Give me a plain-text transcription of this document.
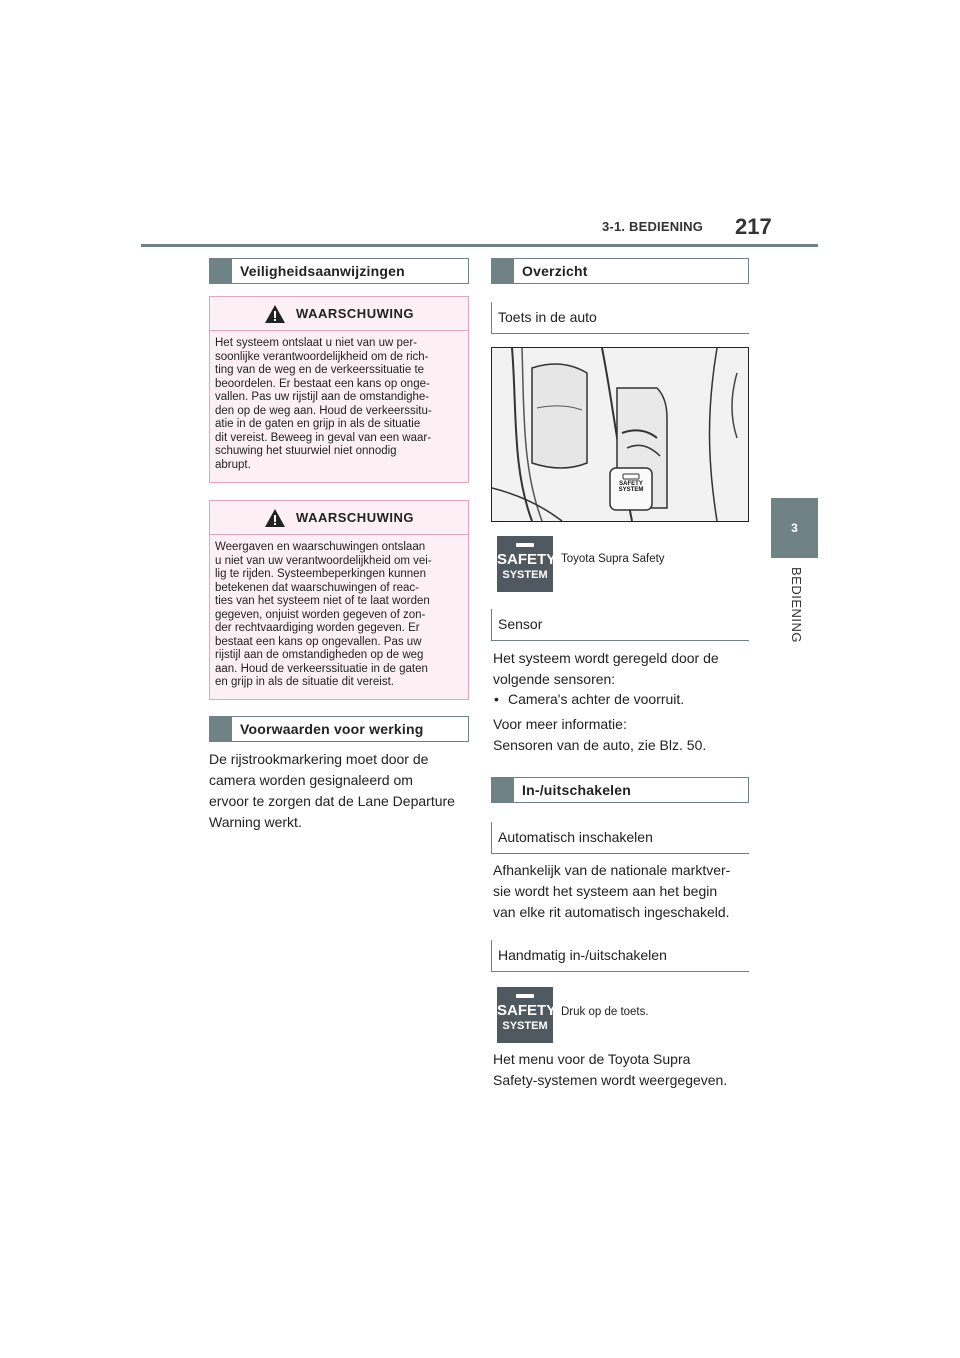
3-1. BEDIENING 217
3
BEDIENING
Veiligheidsaanwijzingen
WAARSCHUWING
Het systeem ontslaat u niet van uw per-
soonlijke verantwoordelijkheid om de rich-
ting van de weg en de verkeerssituatie te
beoordelen. Er bestaat een kans op onge-
vallen. Pas uw rijstijl aan de omstandighe-
den op de weg aan. Houd de verkeerssitu-
atie in de gaten en grijp in als de situatie
dit vereist. Beweeg in geval van een waar-
schuwing het stuurwiel niet onnodig
abrupt.
WAARSCHUWING
Weergaven en waarschuwingen ontslaan
u niet van uw verantwoordelijkheid om vei-
lig te rijden. Systeembeperkingen kunnen
betekenen dat waarschuwingen of reac-
ties van het systeem niet of te laat worden
gegeven, onjuist worden gegeven of zon-
der rechtvaardiging worden gegeven. Er
bestaat een kans op ongevallen. Pas uw
rijstijl aan de omstandigheden op de weg
aan. Houd de verkeerssituatie in de gaten
en grijp in als de situatie dit vereist.
Voorwaarden voor werking
De rijstrookmarkering moet door de
camera worden gesignaleerd om
ervoor te zorgen dat de Lane Departure
Warning werkt.
Overzicht
Toets in de auto
SAFETY SYSTEM
SAFETY
SYSTEM
Toyota Supra Safety
Sensor
Het systeem wordt geregeld door de
volgende sensoren:
• Camera's achter de voorruit.
Voor meer informatie:
Sensoren van de auto, zie Blz. 50.
In-/uitschakelen
Automatisch inschakelen
Afhankelijk van de nationale marktver-
sie wordt het systeem aan het begin
van elke rit automatisch ingeschakeld.
Handmatig in-/uitschakelen
SAFETY
SYSTEM
Druk op de toets.
Het menu voor de Toyota Supra
Safety-systemen wordt weergegeven.
